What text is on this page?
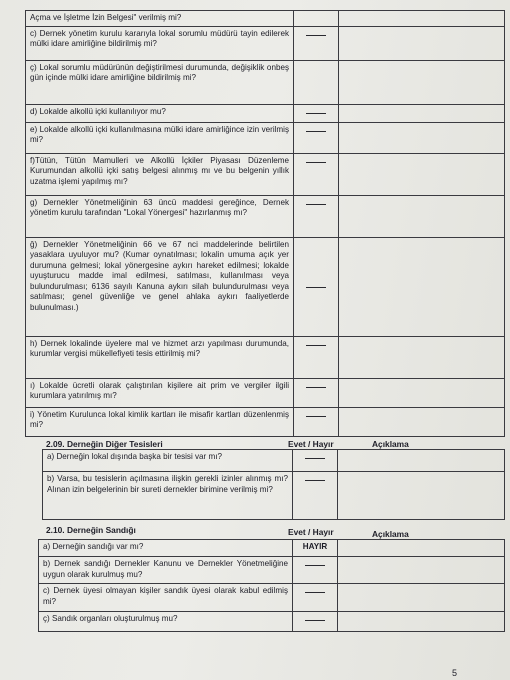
Açma ve İşletme İzin Belgesi" verilmiş mi?		
c) Dernek yönetim kurulu kararıyla lokal sorumlu müdürü tayin edilerek mülki idare amirliğine bildirilmiş mi?		
ç) Lokal sorumlu müdürünün değiştirilmesi durumunda, değişiklik onbeş gün içinde mülki idare amirliğine bildirilmiş mi?		
d) Lokalde alkollü içki kullanılıyor mu?		
e) Lokalde alkollü içki kullanılmasına mülki idare amirliğince izin verilmiş mi?		
f)Tütün, Tütün Mamulleri ve Alkollü İçkiler Piyasası Düzenleme Kurumundan alkollü içki satış belgesi alınmış mı ve bu belgenin yıllık uzatma işlemi yapılmış mı?		
g) Dernekler Yönetmeliğinin 63 üncü maddesi gereğince, Dernek yönetim kurulu tarafından "Lokal Yönergesi" hazırlanmış mı?		
ğ) Dernekler Yönetmeliğinin 66 ve 67 nci maddelerinde belirtilen yasaklara uyuluyor mu? (Kumar oynatılması; lokalin umuma açık yer durumuna gelmesi; lokal yönergesine aykırı hareket edilmesi; lokalde uyuşturucu madde imal edilmesi, satılması, kullanılması veya bulundurulması; 6136 sayılı Kanuna aykırı silah bulundurulması veya satılması; genel güvenliğe ve genel ahlaka aykırı faaliyetlerde bulunulması.)		
h) Dernek lokalinde üyelere mal ve hizmet arzı yapılması durumunda, kurumlar vergisi mükellefiyeti tesis ettirilmiş mi?		
ı) Lokalde ücretli olarak çalıştırılan kişilere ait prim ve vergiler ilgili kurumlara yatırılmış mı?		
i) Yönetim Kurulunca lokal kimlik kartları ile misafir kartları düzenlenmiş mi?		
2.09. Derneğin Diğer Tesisleri	Evet / Hayır	Açıklama
a) Derneğin lokal dışında başka bir tesisi var mı?		
b) Varsa, bu tesislerin açılmasına ilişkin gerekli izinler alınmış mı? Alınan izin belgelerinin bir sureti dernekler birimine verilmiş mi?		
2.10. Derneğin Sandığı	Evet / Hayır	Açıklama
a) Derneğin sandığı var mı?	HAYIR	
b) Dernek sandığı Dernekler Kanunu ve Dernekler Yönetmeliğine uygun olarak kurulmuş mu?		
c) Dernek üyesi olmayan kişiler sandık üyesi olarak kabul edilmiş mi?		
ç) Sandık organları oluşturulmuş mu?		
5
